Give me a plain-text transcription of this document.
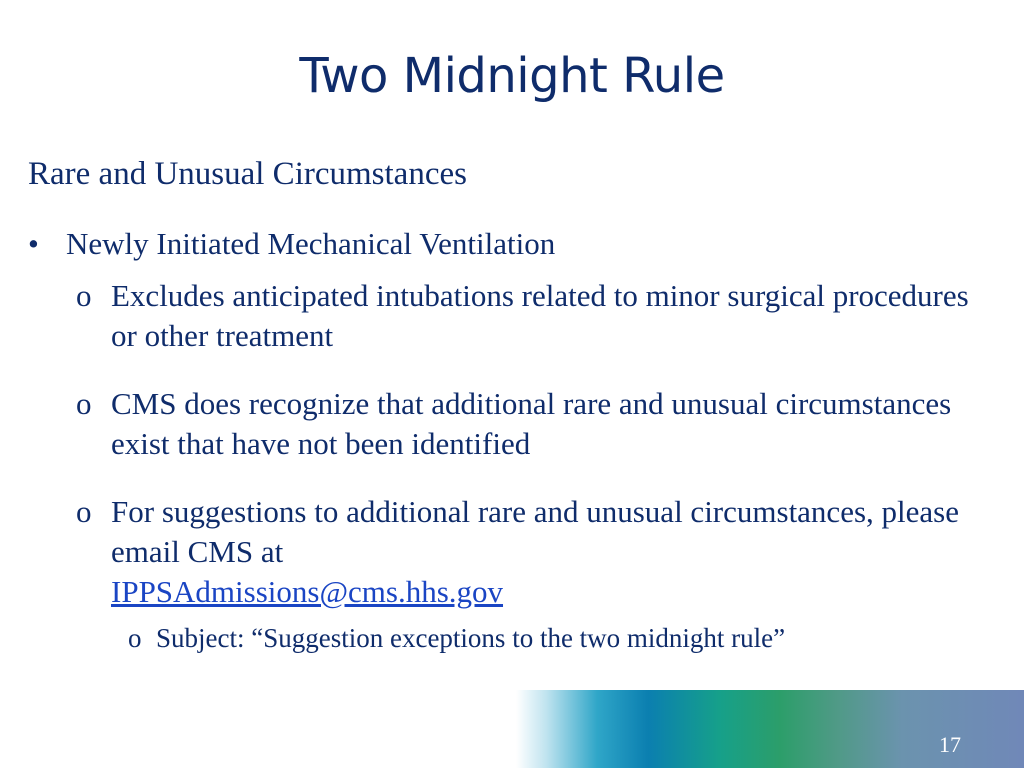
Two Midnight Rule
Rare and Unusual Circumstances
• Newly Initiated Mechanical Ventilation
o Excludes anticipated intubations related to minor surgical procedures or other treatment
o CMS does recognize that additional rare and unusual circumstances exist that have not been identified
o For suggestions to additional rare and unusual circumstances, please email CMS at
IPPSAdmissions@cms.hhs.gov
o Subject: “Suggestion exceptions to the two midnight rule”
17
